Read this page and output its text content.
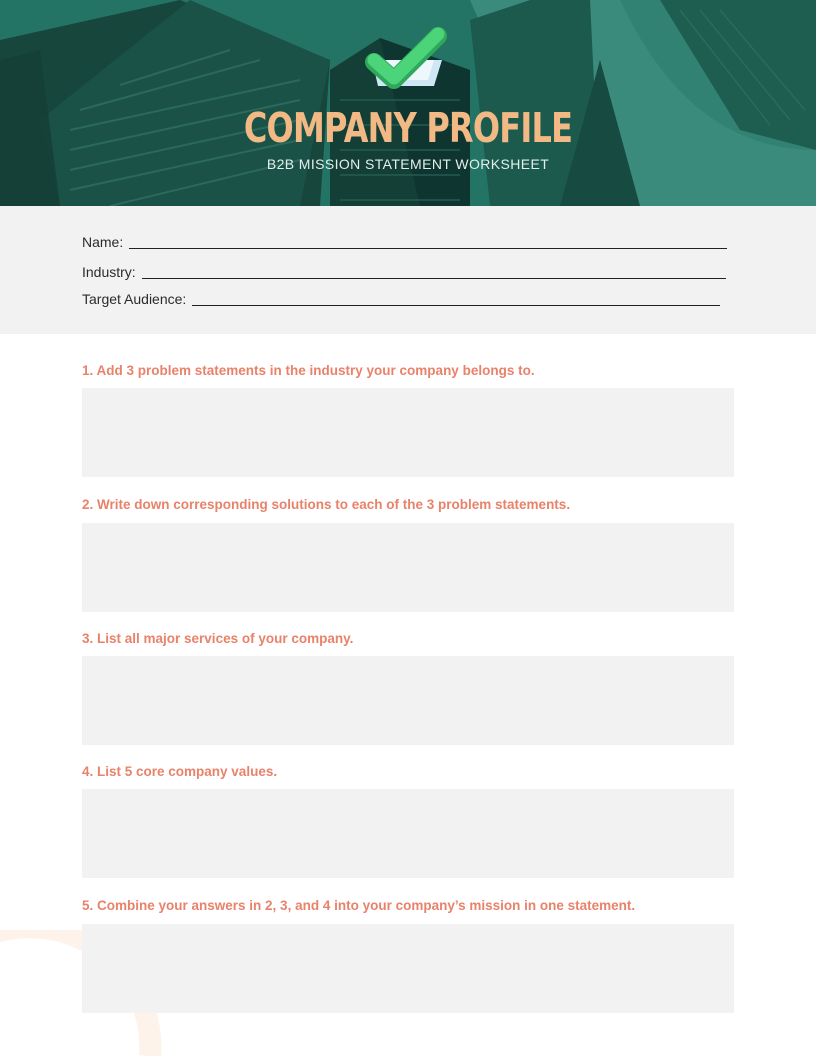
COMPANY PROFILE
B2B MISSION STATEMENT WORKSHEET
Name:
Industry:
Target Audience:
1. Add 3 problem statements in the industry your company belongs to.
2. Write down corresponding solutions to each of the 3 problem statements.
3. List all major services of your company.
4. List 5 core company values.
5. Combine your answers in 2, 3, and 4 into your company’s mission in one statement.
